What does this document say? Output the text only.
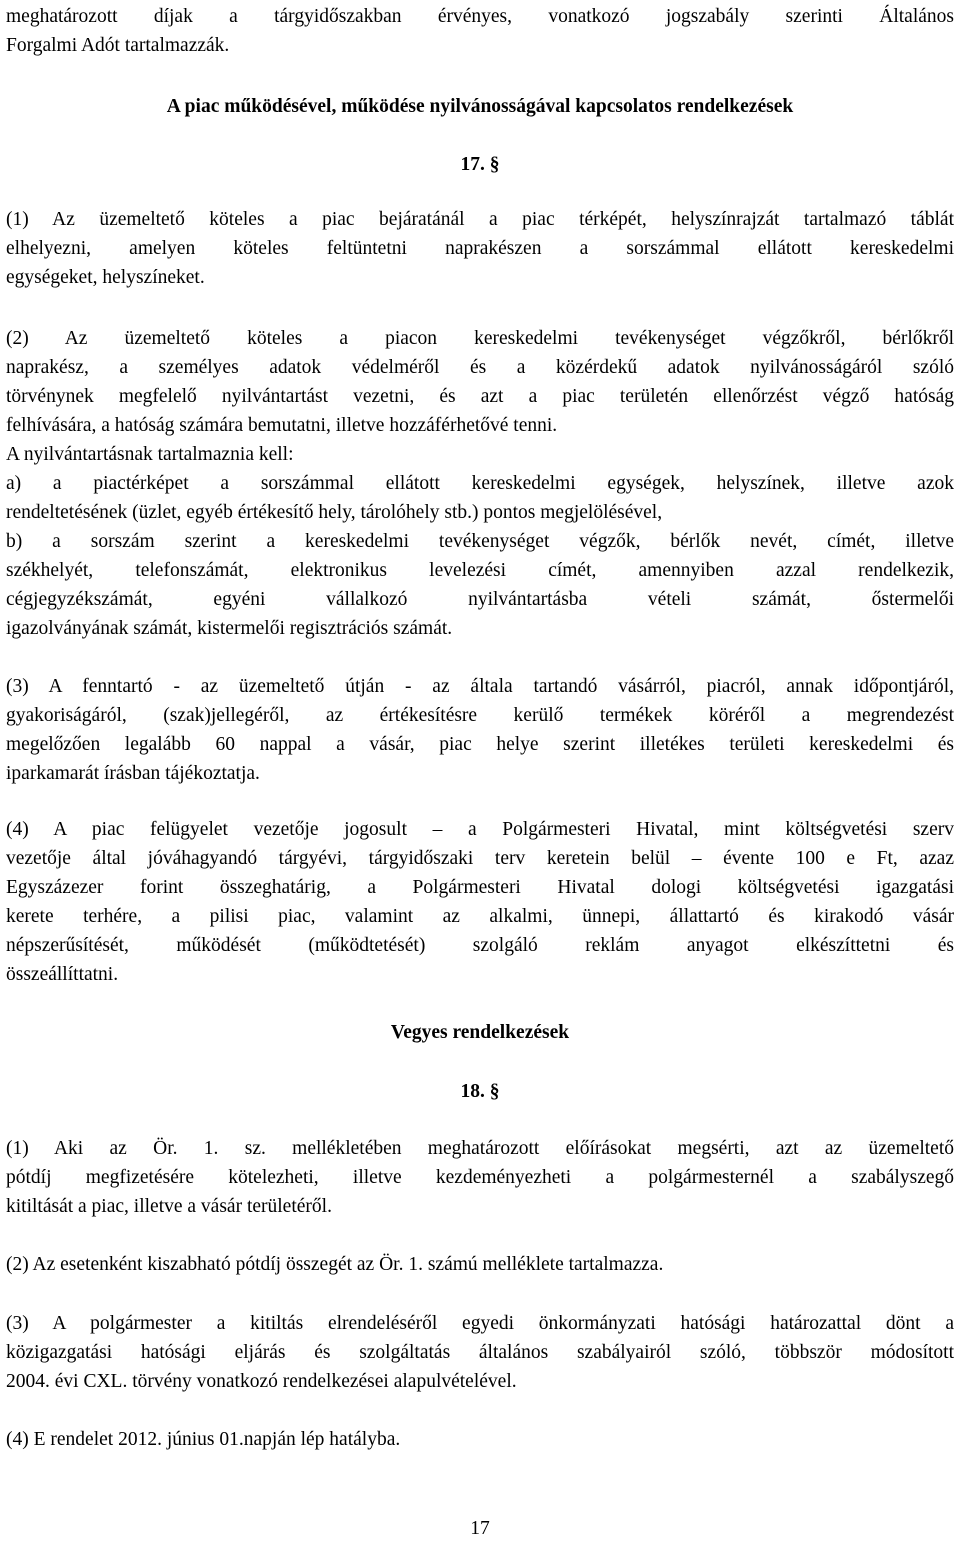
meghatározott díjak a tárgyidőszakban érvényes, vonatkozó jogszabály szerinti Általános
Forgalmi Adót tartalmazzák.
A piac működésével, működése nyilvánosságával kapcsolatos rendelkezések
17. §
(1) Az üzemeltető köteles a piac bejáratánál a piac térképét, helyszínrajzát tartalmazó táblát
elhelyezni, amelyen köteles feltüntetni naprakészen a sorszámmal ellátott kereskedelmi
egységeket, helyszíneket.
(2) Az üzemeltető köteles a piacon kereskedelmi tevékenységet végzőkről, bérlőkről
naprakész, a személyes adatok védelméről és a közérdekű adatok nyilvánosságáról szóló
törvénynek megfelelő nyilvántartást vezetni, és azt a piac területén ellenőrzést végző hatóság
felhívására, a hatóság számára bemutatni, illetve hozzáférhetővé tenni.
A nyilvántartásnak tartalmaznia kell:
a) a piactérképet a sorszámmal ellátott kereskedelmi egységek, helyszínek, illetve azok
rendeltetésének (üzlet, egyéb értékesítő hely, tárolóhely stb.) pontos megjelölésével,
b) a sorszám szerint a kereskedelmi tevékenységet végzők, bérlők nevét, címét, illetve
székhelyét, telefonszámát, elektronikus levelezési címét, amennyiben azzal rendelkezik,
cégjegyzékszámát, egyéni vállalkozó nyilvántartásba vételi számát, őstermelői
igazolványának számát, kistermelői regisztrációs számát.
(3) A fenntartó - az üzemeltető útján - az általa tartandó vásárról, piacról, annak időpontjáról,
gyakoriságáról, (szak)jellegéről, az értékesítésre kerülő termékek köréről a megrendezést
megelőzően legalább 60 nappal a vásár, piac helye szerint illetékes területi kereskedelmi és
iparkamarát írásban tájékoztatja.
(4) A piac felügyelet vezetője jogosult – a Polgármesteri Hivatal, mint költségvetési szerv
vezetője által jóváhagyandó tárgyévi, tárgyidőszaki terv keretein belül – évente 100 e Ft, azaz
Egyszázezer forint összeghatárig, a Polgármesteri Hivatal dologi költségvetési igazgatási
kerete terhére, a pilisi piac, valamint az alkalmi, ünnepi, állattartó és kirakodó vásár
népszerűsítését, működését (működtetését) szolgáló reklám anyagot elkészíttetni és
összeállíttatni.
Vegyes rendelkezések
18. §
(1) Aki az Ör. 1. sz. mellékletében meghatározott előírásokat megsérti, azt az üzemeltető
pótdíj megfizetésére kötelezheti, illetve kezdeményezheti a polgármesternél a szabályszegő
kitiltását a piac, illetve a vásár területéről.
(2) Az esetenként kiszabható pótdíj összegét az Ör. 1. számú melléklete tartalmazza.
(3) A polgármester a kitiltás elrendeléséről egyedi önkormányzati hatósági határozattal dönt a
közigazgatási hatósági eljárás és szolgáltatás általános szabályairól szóló, többször módosított
2004. évi CXL. törvény vonatkozó rendelkezései alapulvételével.
(4) E rendelet 2012. június 01.napján lép hatályba.
17
